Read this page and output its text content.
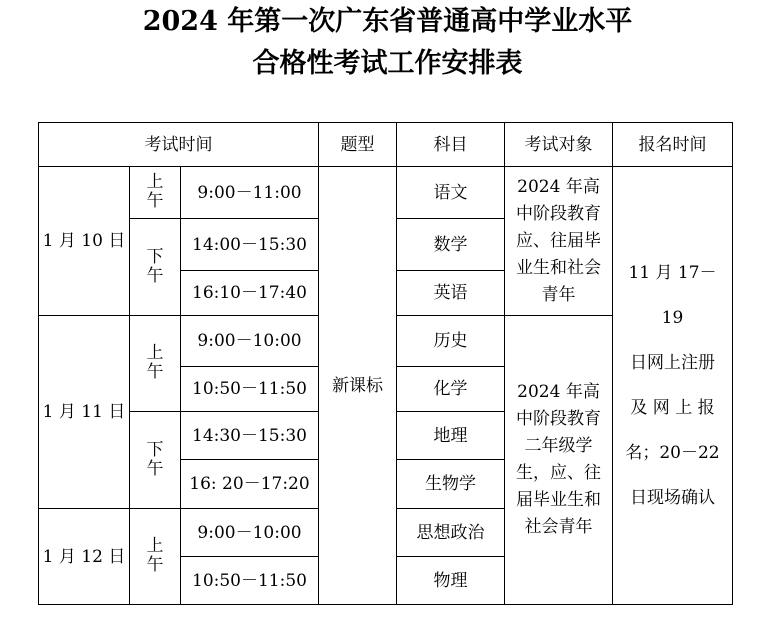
2024 年第一次广东省普通高中学业水平
合格性考试工作安排表
考试时间			题型	科目	考试对象	报名时间
1 月 10 日	上午	9:00－11:00	新课标	语文	2024 年高中阶段教育应、往届毕业生和社会青年	11 月 17－19
日网上注册
及 网 上 报
名；20－22
日现场确认

	下午	14:00－15:30		数学		
		16:10－17:40		英语		
1 月 11 日	上午	9:00－10:00		历史	2024 年高中阶段教育二年级学生，应、往届毕业生和社会青年	
		10:50－11:50		化学		
	下午	14:30－15:30		地理		
		16: 20－17:20		生物学		
1 月 12 日	上午	9:00－10:00		思想政治		
		10:50－11:50		物理		
